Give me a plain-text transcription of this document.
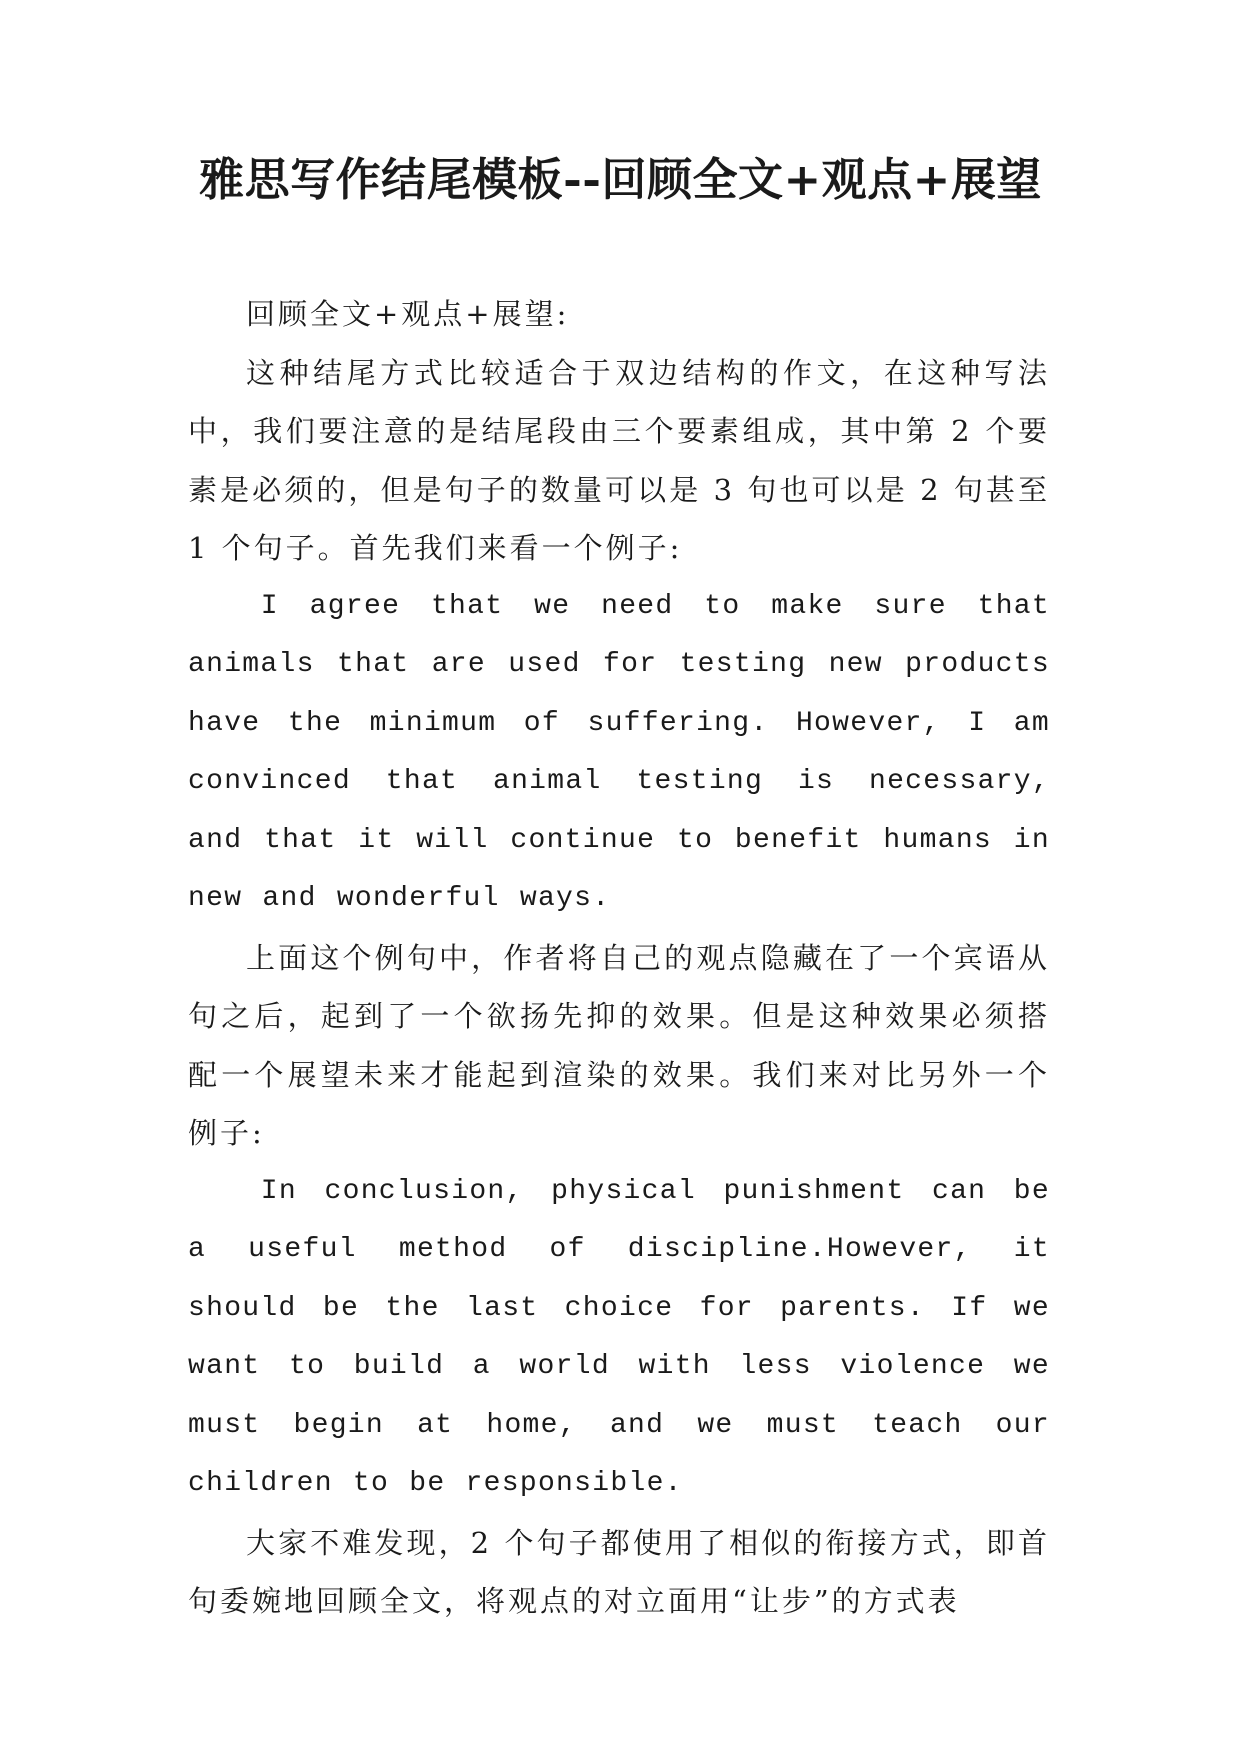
雅思写作结尾模板--回顾全文+观点+展望

回顾全文+观点+展望:

这种结尾方式比较适合于双边结构的作文，在这种写法中，我们要注意的是结尾段由三个要素组成，其中第 2 个要素是必须的，但是句子的数量可以是 3 句也可以是 2 句甚至 1 个句子。首先我们来看一个例子:

I agree that we need to make sure that animals that are used for testing new products have the minimum of suffering. However, I am convinced that animal testing is necessary, and that it will continue to benefit humans in new and wonderful ways.

上面这个例句中，作者将自己的观点隐藏在了一个宾语从句之后，起到了一个欲扬先抑的效果。但是这种效果必须搭配一个展望未来才能起到渲染的效果。我们来对比另外一个例子:

In conclusion, physical punishment can be a useful method of discipline.However, it should be the last choice for parents. If we want to build a world with less violence we must begin at home, and we must teach our children to be responsible.

大家不难发现，2 个句子都使用了相似的衔接方式，即首句委婉地回顾全文，将观点的对立面用“让步”的方式表
